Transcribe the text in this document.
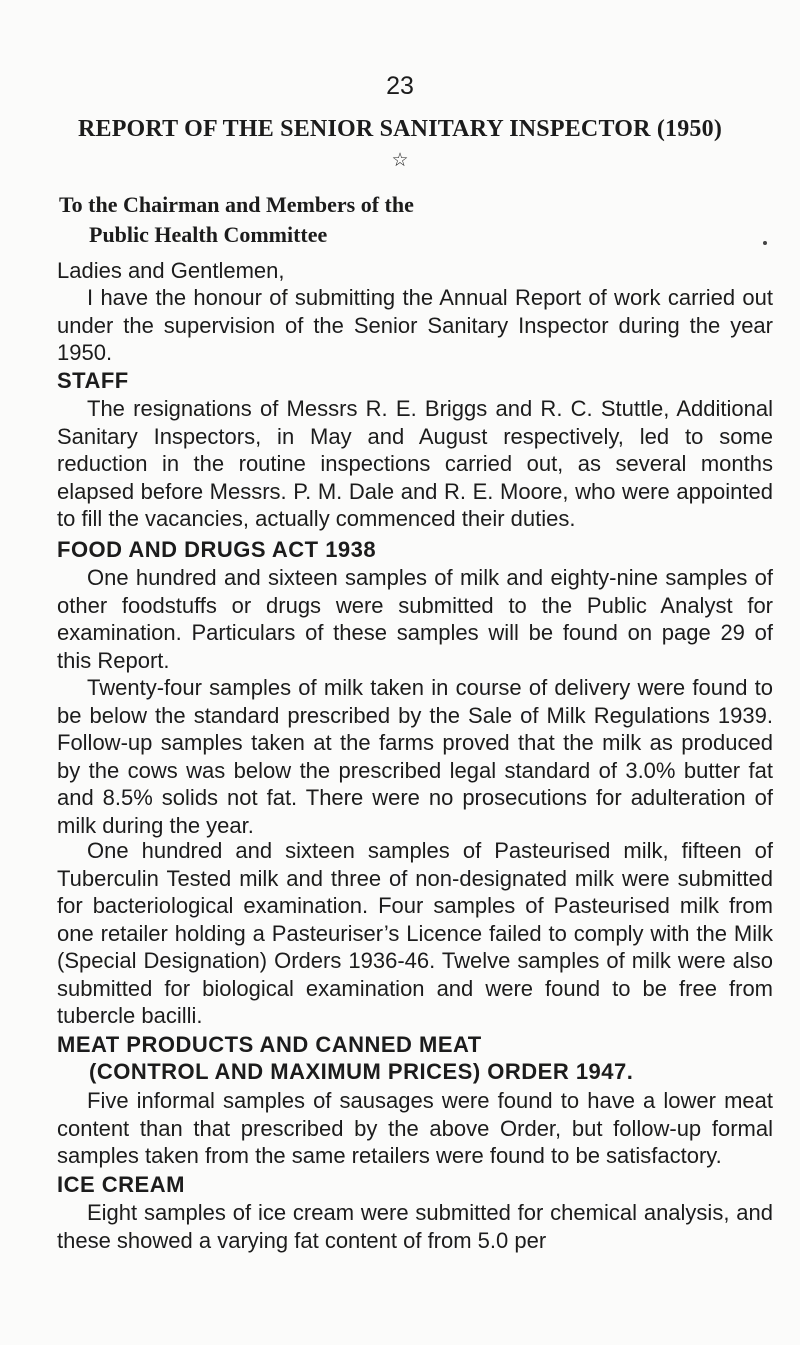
23

REPORT OF THE SENIOR SANITARY INSPECTOR (1950)

☆

To the Chairman and Members of the
Public Health Committee

Ladies and Gentlemen,

I have the honour of submitting the Annual Report of work carried out under the supervision of the Senior Sanitary Inspector during the year 1950.

STAFF

The resignations of Messrs R. E. Briggs and R. C. Stuttle, Additional Sanitary Inspectors, in May and August respectively, led to some reduction in the routine inspections carried out, as several months elapsed before Messrs. P. M. Dale and R. E. Moore, who were appointed to fill the vacancies, actually commenced their duties.

FOOD AND DRUGS ACT 1938

One hundred and sixteen samples of milk and eighty-nine samples of other foodstuffs or drugs were submitted to the Public Analyst for examination. Particulars of these samples will be found on page 29 of this Report.

Twenty-four samples of milk taken in course of delivery were found to be below the standard prescribed by the Sale of Milk Regulations 1939. Follow-up samples taken at the farms proved that the milk as produced by the cows was below the prescribed legal standard of 3.0% butter fat and 8.5% solids not fat. There were no prosecutions for adulteration of milk during the year.

One hundred and sixteen samples of Pasteurised milk, fifteen of Tuberculin Tested milk and three of non-designated milk were submitted for bacteriological examination. Four samples of Pasteurised milk from one retailer holding a Pasteuriser’s Licence failed to comply with the Milk (Special Designation) Orders 1936-46. Twelve samples of milk were also submitted for biological examination and were found to be free from tubercle bacilli.

MEAT PRODUCTS AND CANNED MEAT
(CONTROL AND MAXIMUM PRICES) ORDER 1947.

Five informal samples of sausages were found to have a lower meat content than that prescribed by the above Order, but follow-up formal samples taken from the same retailers were found to be satisfactory.

ICE CREAM

Eight samples of ice cream were submitted for chemical analysis, and these showed a varying fat content of from 5.0 per
